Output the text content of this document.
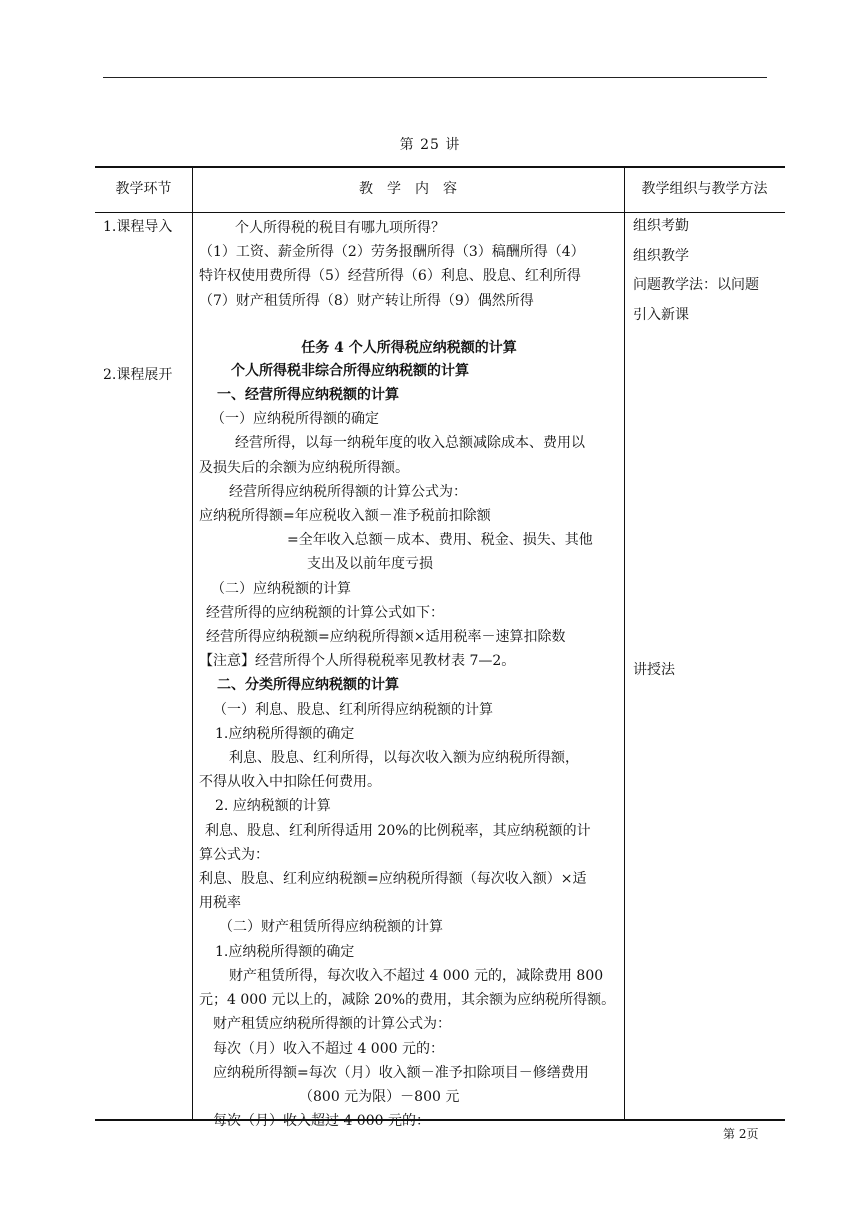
第 25 讲
教学环节	教　学　内　容	教学组织与教学方法
1.课程导入
2.课程展开
组织考勤
组织教学
问题教学法：以问题
引入新课
讲授法

个人所得税的税目有哪九项所得？

（1）工资、薪金所得（2）劳务报酬所得（3）稿酬所得（4）

特许权使用费所得（5）经营所得（6）利息、股息、红利所得

（7）财产租赁所得（8）财产转让所得（9）偶然所得

任务 4 个人所得税应纳税额的计算

个人所得税非综合所得应纳税额的计算

一、经营所得应纳税额的计算

（一）应纳税所得额的确定

经营所得，以每一纳税年度的收入总额减除成本、费用以

及损失后的余额为应纳税所得额。

经营所得应纳税所得额的计算公式为：

应纳税所得额=年应税收入额－准予税前扣除额

=全年收入总额－成本、费用、税金、损失、其他

支出及以前年度亏损

（二）应纳税额的计算

经营所得的应纳税额的计算公式如下：

经营所得应纳税额=应纳税所得额×适用税率－速算扣除数

【注意】经营所得个人所得税税率见教材表 7—2。

二、分类所得应纳税额的计算

（一）利息、股息、红利所得应纳税额的计算

1.应纳税所得额的确定

利息、股息、红利所得，以每次收入额为应纳税所得额，

不得从收入中扣除任何费用。

2. 应纳税额的计算

利息、股息、红利所得适用 20%的比例税率，其应纳税额的计

算公式为：

利息、股息、红利应纳税额=应纳税所得额（每次收入额）×适

用税率

（二）财产租赁所得应纳税额的计算

1.应纳税所得额的确定

财产租赁所得，每次收入不超过 4 000 元的，减除费用 800

元；4 000 元以上的，减除 20%的费用，其余额为应纳税所得额。

财产租赁应纳税所得额的计算公式为：

每次（月）收入不超过 4 000 元的：

应纳税所得额=每次（月）收入额－准予扣除项目－修缮费用

（800 元为限）－800 元

每次（月）收入超过 4 000 元的：

第 2页
